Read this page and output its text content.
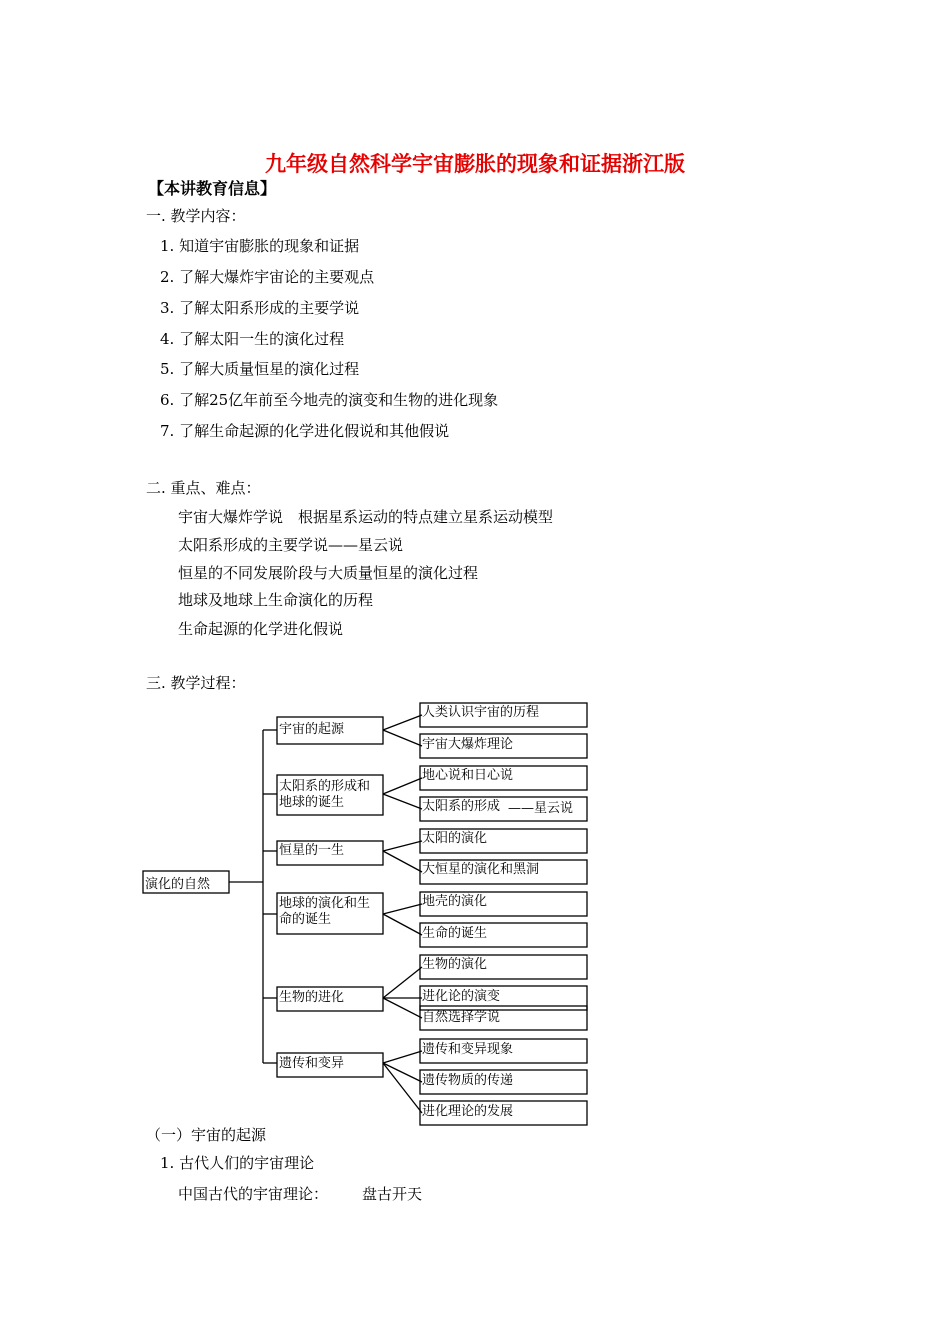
九年级自然科学宇宙膨胀的现象和证据浙江版
【本讲教育信息】
一. 教学内容：
1. 知道宇宙膨胀的现象和证据
2. 了解大爆炸宇宙论的主要观点
3. 了解太阳系形成的主要学说
4. 了解太阳一生的演化过程
5. 了解大质量恒星的演化过程
6. 了解25亿年前至今地壳的演变和生物的进化现象
7. 了解生命起源的化学进化假说和其他假说
二. 重点、难点：
宇宙大爆炸学说　根据星系运动的特点建立星系运动模型
太阳系形成的主要学说——星云说
恒星的不同发展阶段与大质量恒星的演化过程
地球及地球上生命演化的历程
生命起源的化学进化假说
三. 教学过程：
演化的自然
宇宙的起源
太阳系的形成和
地球的诞生
恒星的一生
地球的演化和生
命的诞生
生物的进化
遗传和变异
人类认识宇宙的历程
宇宙大爆炸理论
地心说和日心说
太阳系的形成 ——星云说
太阳的演化
大恒星的演化和黑洞
地壳的演化
生命的诞生
生物的演化
进化论的演变
自然选择学说
遗传和变异现象
遗传物质的传递
进化理论的发展
（一）宇宙的起源
1. 古代人们的宇宙理论
中国古代的宇宙理论： 盘古开天
